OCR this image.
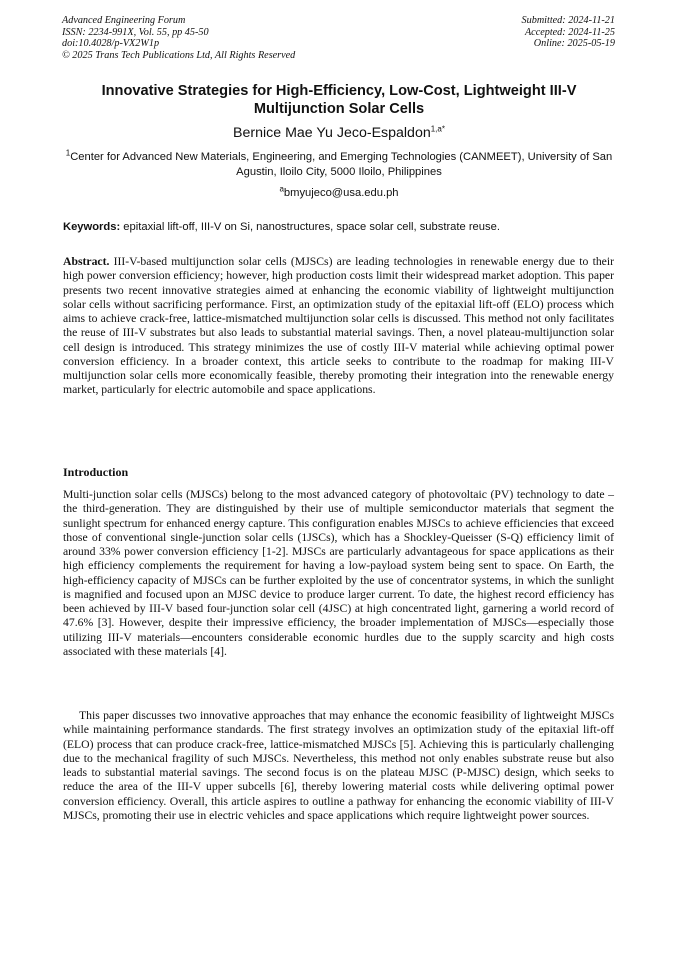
Advanced Engineering Forum
ISSN: 2234-991X, Vol. 55, pp 45-50
doi:10.4028/p-VX2W1p
© 2025 Trans Tech Publications Ltd, All Rights Reserved
Submitted: 2024-11-21
Accepted: 2024-11-25
Online: 2025-05-19
Innovative Strategies for High-Efficiency, Low-Cost, Lightweight III-V Multijunction Solar Cells
Bernice Mae Yu Jeco-Espaldon$^{1,a*}$
$^1$Center for Advanced New Materials, Engineering, and Emerging Technologies (CANMEET), University of San Agustin, Iloilo City, 5000 Iloilo, Philippines
$^a$bmyujeco@usa.edu.ph
Keywords: epitaxial lift-off, III-V on Si, nanostructures, space solar cell, substrate reuse.

Abstract. III-V-based multijunction solar cells (MJSCs) are leading technologies in renewable energy due to their high power conversion efficiency; however, high production costs limit their widespread market adoption. This paper presents two recent innovative strategies aimed at enhancing the economic viability of lightweight multijunction solar cells without sacrificing performance. First, an optimization study of the epitaxial lift-off (ELO) process which aims to achieve crack-free, lattice-mismatched multijunction solar cells is discussed. This method not only facilitates the reuse of III-V substrates but also leads to substantial material savings. Then, a novel plateau-multijunction solar cell design is introduced. This strategy minimizes the use of costly III-V material while achieving optimal power conversion efficiency. In a broader context, this article seeks to contribute to the roadmap for making III-V multijunction solar cells more economically feasible, thereby promoting their integration into the renewable energy market, particularly for electric automobile and space applications.

Introduction

Multi-junction solar cells (MJSCs) belong to the most advanced category of photovoltaic (PV) technology to date – the third-generation. They are distinguished by their use of multiple semiconductor materials that segment the sunlight spectrum for enhanced energy capture. This configuration enables MJSCs to achieve efficiencies that exceed those of conventional single-junction solar cells (1JSCs), which has a Shockley-Queisser (S-Q) efficiency limit of around 33% power conversion efficiency [1-2]. MJSCs are particularly advantageous for space applications as their high efficiency complements the requirement for having a low-payload system being sent to space. On Earth, the high-efficiency capacity of MJSCs can be further exploited by the use of concentrator systems, in which the sunlight is magnified and focused upon an MJSC device to produce larger current. To date, the highest record efficiency has been achieved by III-V based four-junction solar cell (4JSC) at high concentrated light, garnering a world record of 47.6% [3]. However, despite their impressive efficiency, the broader implementation of MJSCs—especially those utilizing III-V materials—encounters considerable economic hurdles due to the supply scarcity and high costs associated with these materials [4].

This paper discusses two innovative approaches that may enhance the economic feasibility of lightweight MJSCs while maintaining performance standards. The first strategy involves an optimization study of the epitaxial lift-off (ELO) process that can produce crack-free, lattice-mismatched MJSCs [5]. Achieving this is particularly challenging due to the mechanical fragility of such MJSCs. Nevertheless, this method not only enables substrate reuse but also leads to substantial material savings. The second focus is on the plateau MJSC (P-MJSC) design, which seeks to reduce the area of the III-V upper subcells [6], thereby lowering material costs while delivering optimal power conversion efficiency. Overall, this article aspires to outline a pathway for enhancing the economic viability of III-V MJSCs, promoting their use in electric vehicles and space applications which require lightweight power sources.
